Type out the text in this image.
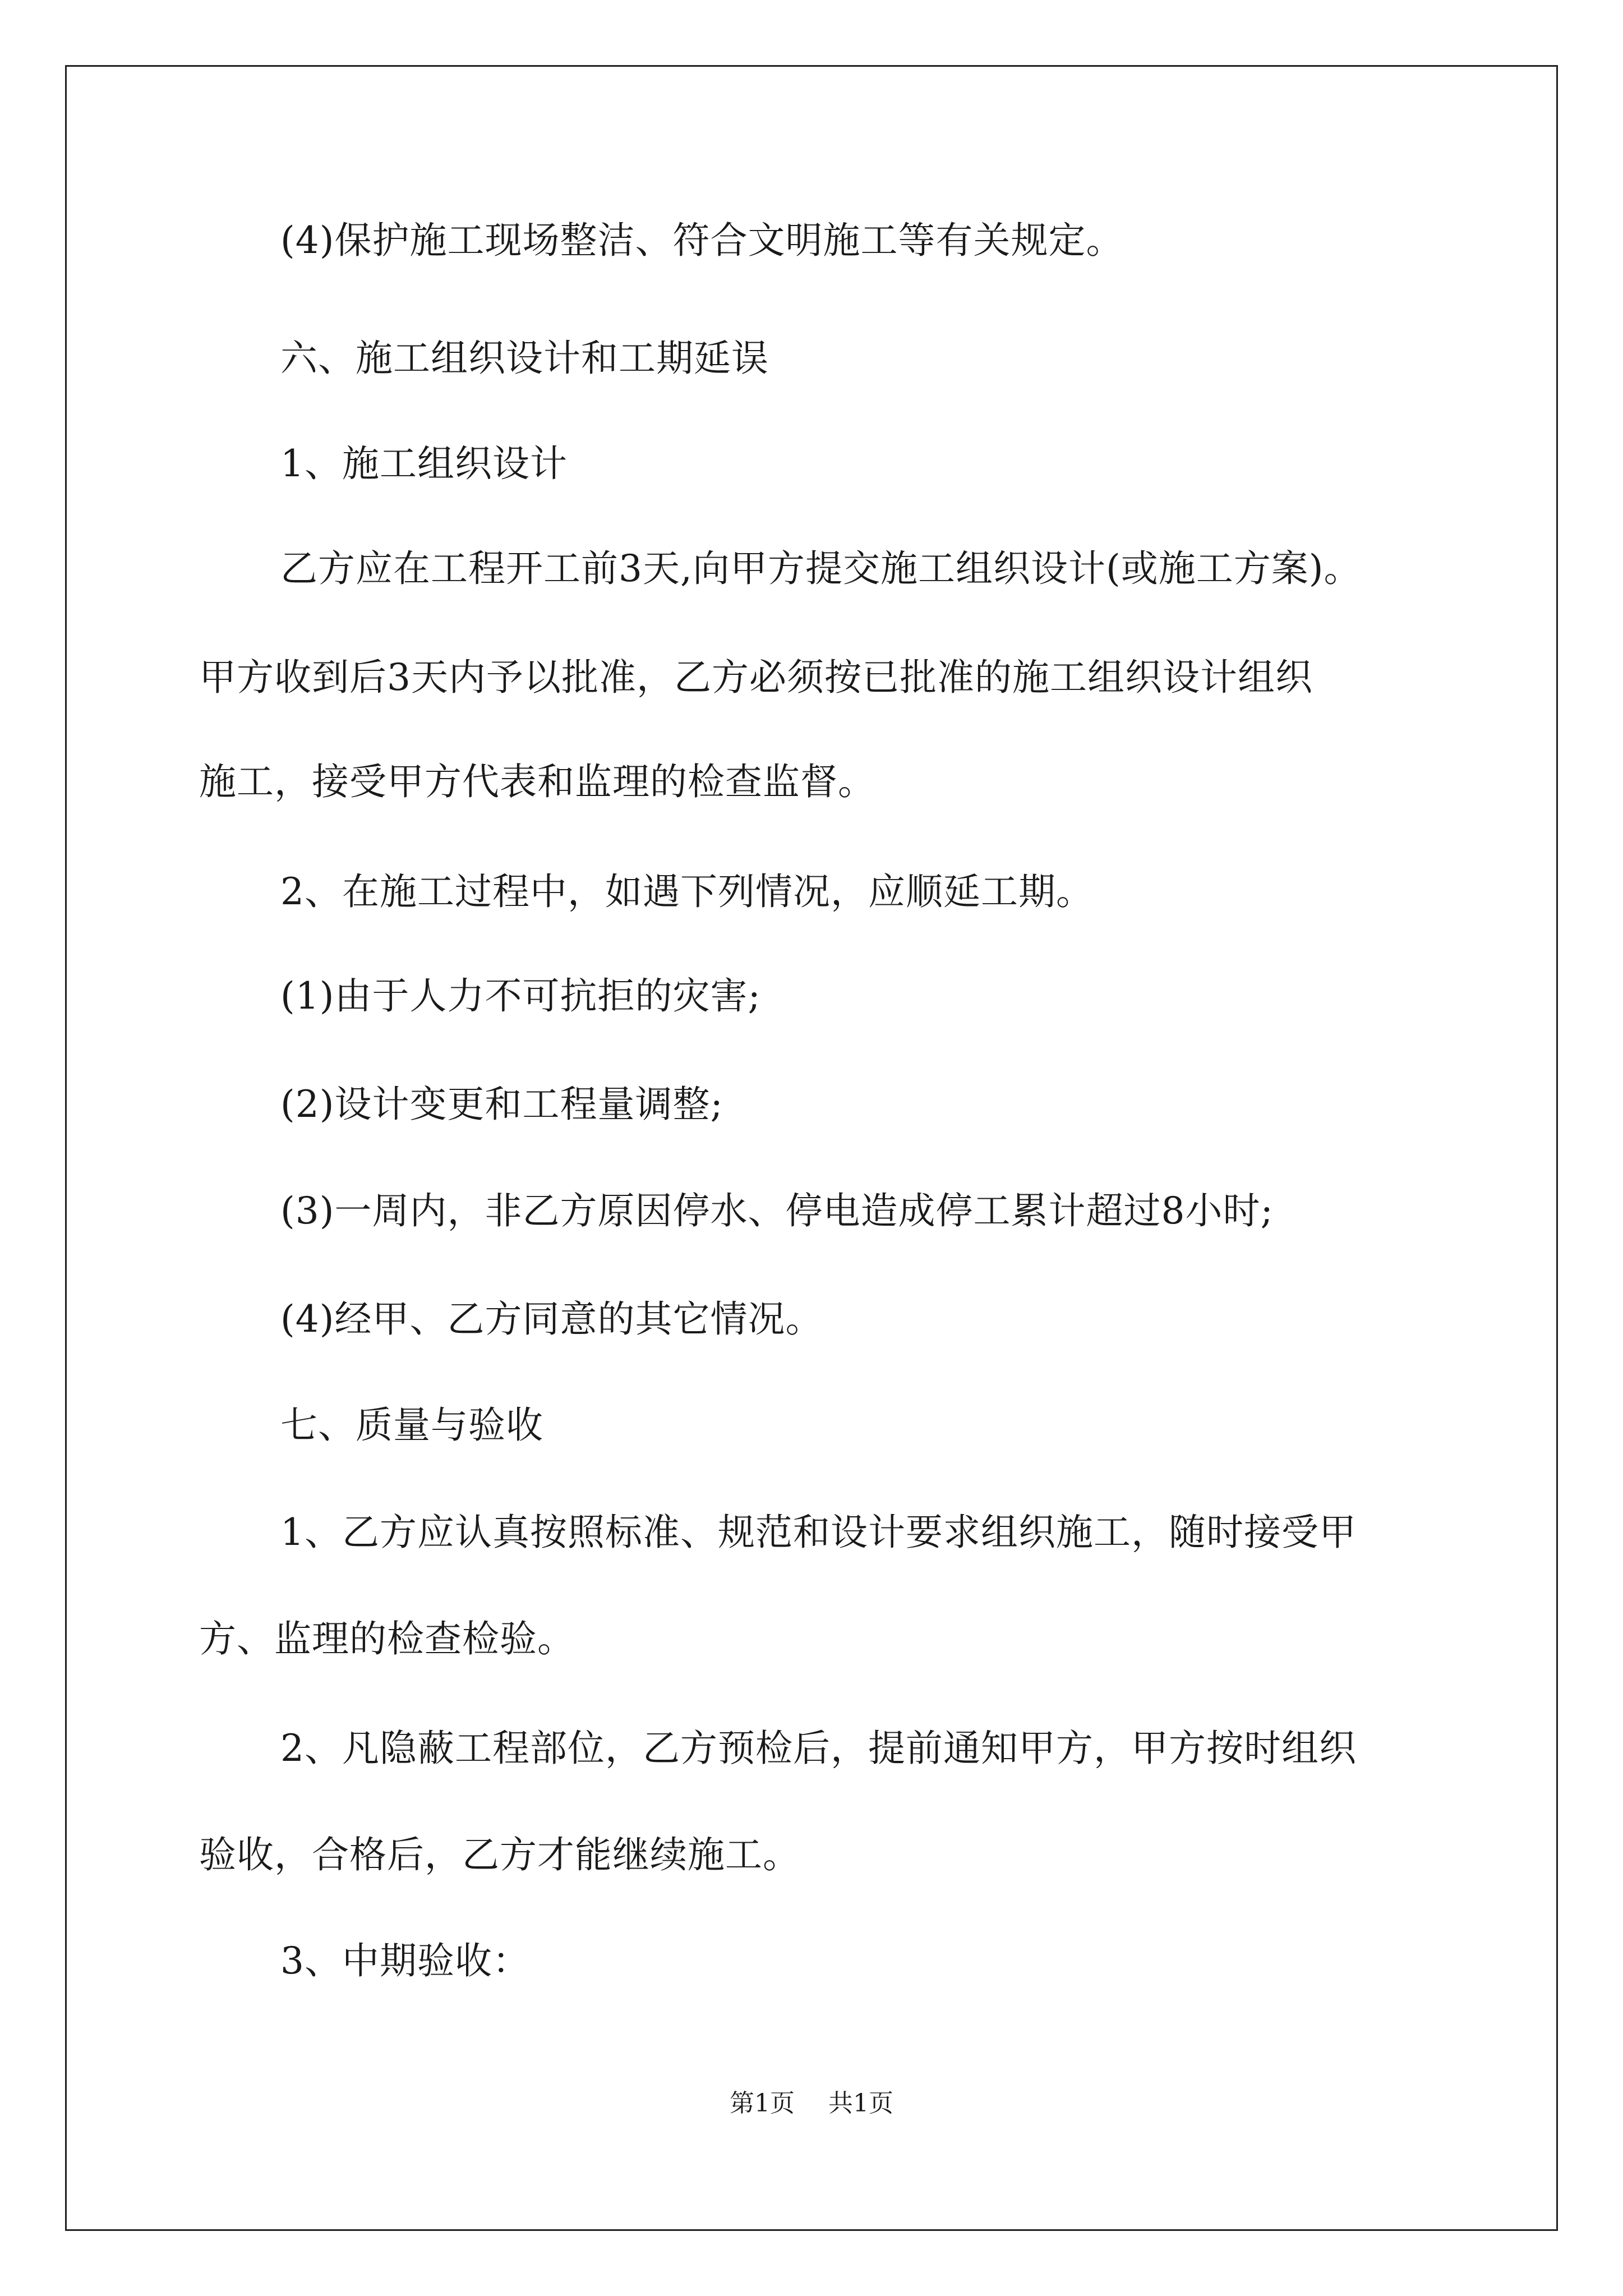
(4)保护施工现场整洁、符合文明施工等有关规定。
六、施工组织设计和工期延误
1、施工组织设计
乙方应在工程开工前3天,向甲方提交施工组织设计(或施工方案)。
甲方收到后3天内予以批准，乙方必须按已批准的施工组织设计组织
施工，接受甲方代表和监理的检查监督。
2、在施工过程中，如遇下列情况，应顺延工期。
(1)由于人力不可抗拒的灾害;
(2)设计变更和工程量调整;
(3)一周内，非乙方原因停水、停电造成停工累计超过8小时;
(4)经甲、乙方同意的其它情况。
七、质量与验收
1、乙方应认真按照标准、规范和设计要求组织施工，随时接受甲
方、监理的检查检验。
2、凡隐蔽工程部位，乙方预检后，提前通知甲方，甲方按时组织
验收，合格后，乙方才能继续施工。
3、中期验收：
第1页 共1页
